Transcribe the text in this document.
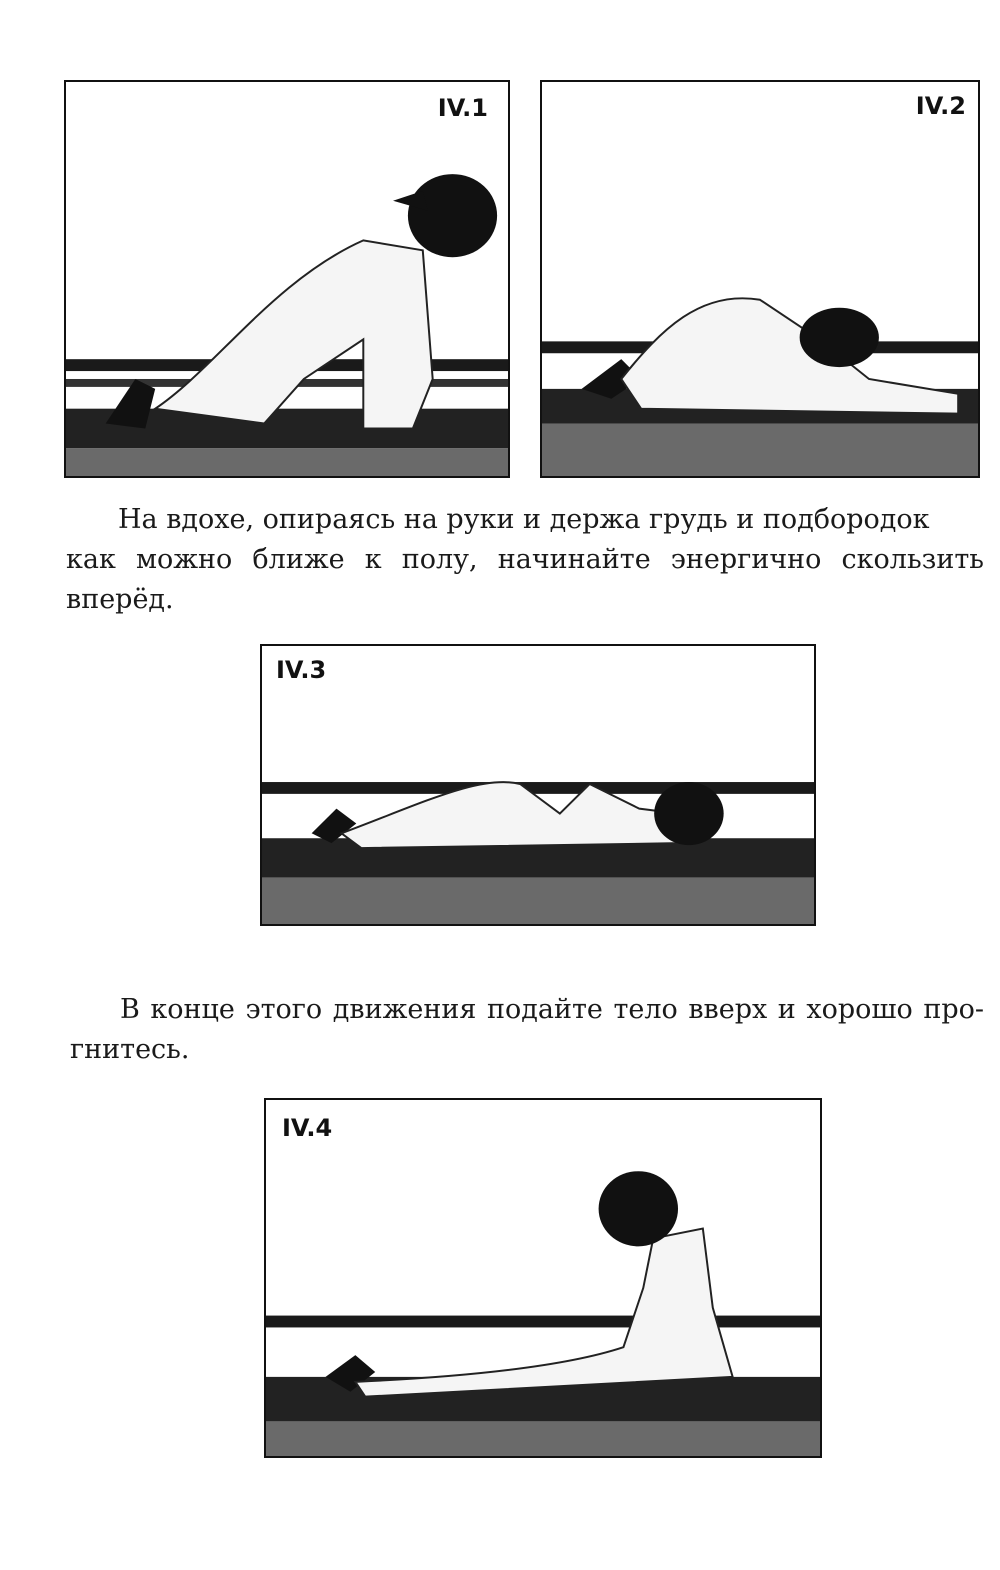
IV.1	IV.2
На вдохе, опираясь на руки и держа грудь и подбородок
как можно ближе к полу, начинайте энергично скользить
вперёд.
IV.3
В конце этого движения подайте тело вверх и хорошо про-
гнитесь.
IV.4
